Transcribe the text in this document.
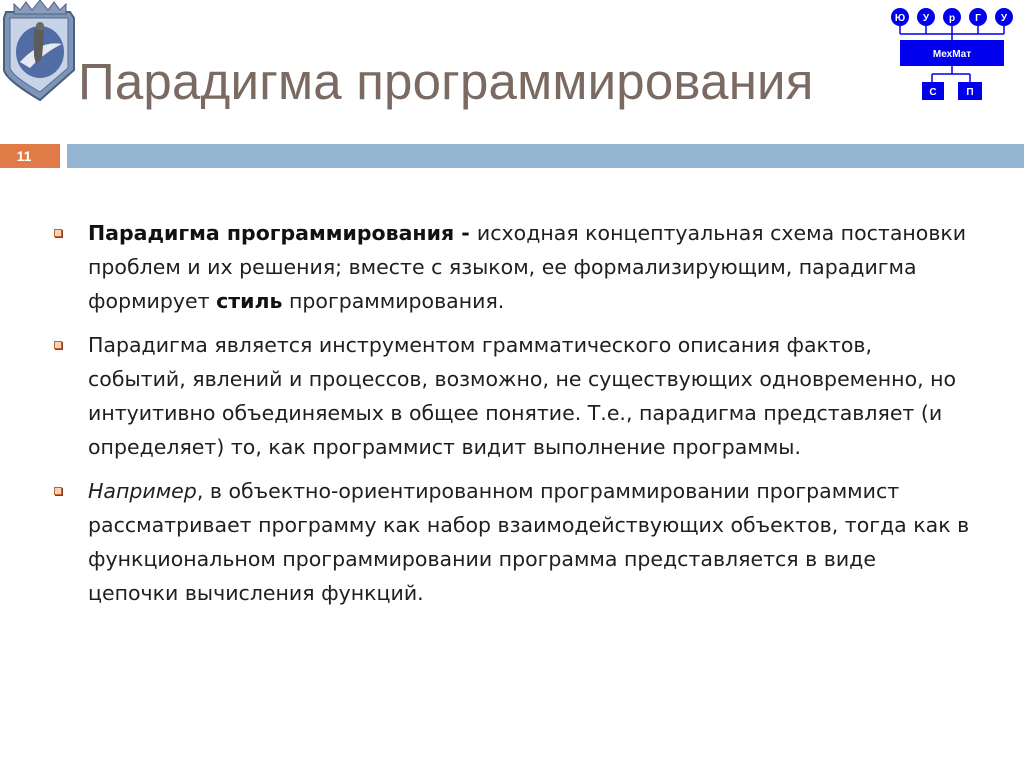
Парадигма программирования
Ю У р Г У
МехМат
С	П
11
Парадигма программирования - исходная концептуальная схема постановки проблем и их решения; вместе с языком, ее формализирующим, парадигма формирует стиль программирования.
Парадигма является инструментом грамматического описания фактов, событий, явлений и процессов, возможно, не существующих одновременно, но интуитивно объединяемых в общее понятие. Т.е., парадигма представляет (и определяет) то, как программист видит выполнение программы.
Например, в объектно-ориентированном программировании программист рассматривает программу как набор взаимодействующих объектов, тогда как в функциональном программировании программа представляется в виде цепочки вычисления функций.
